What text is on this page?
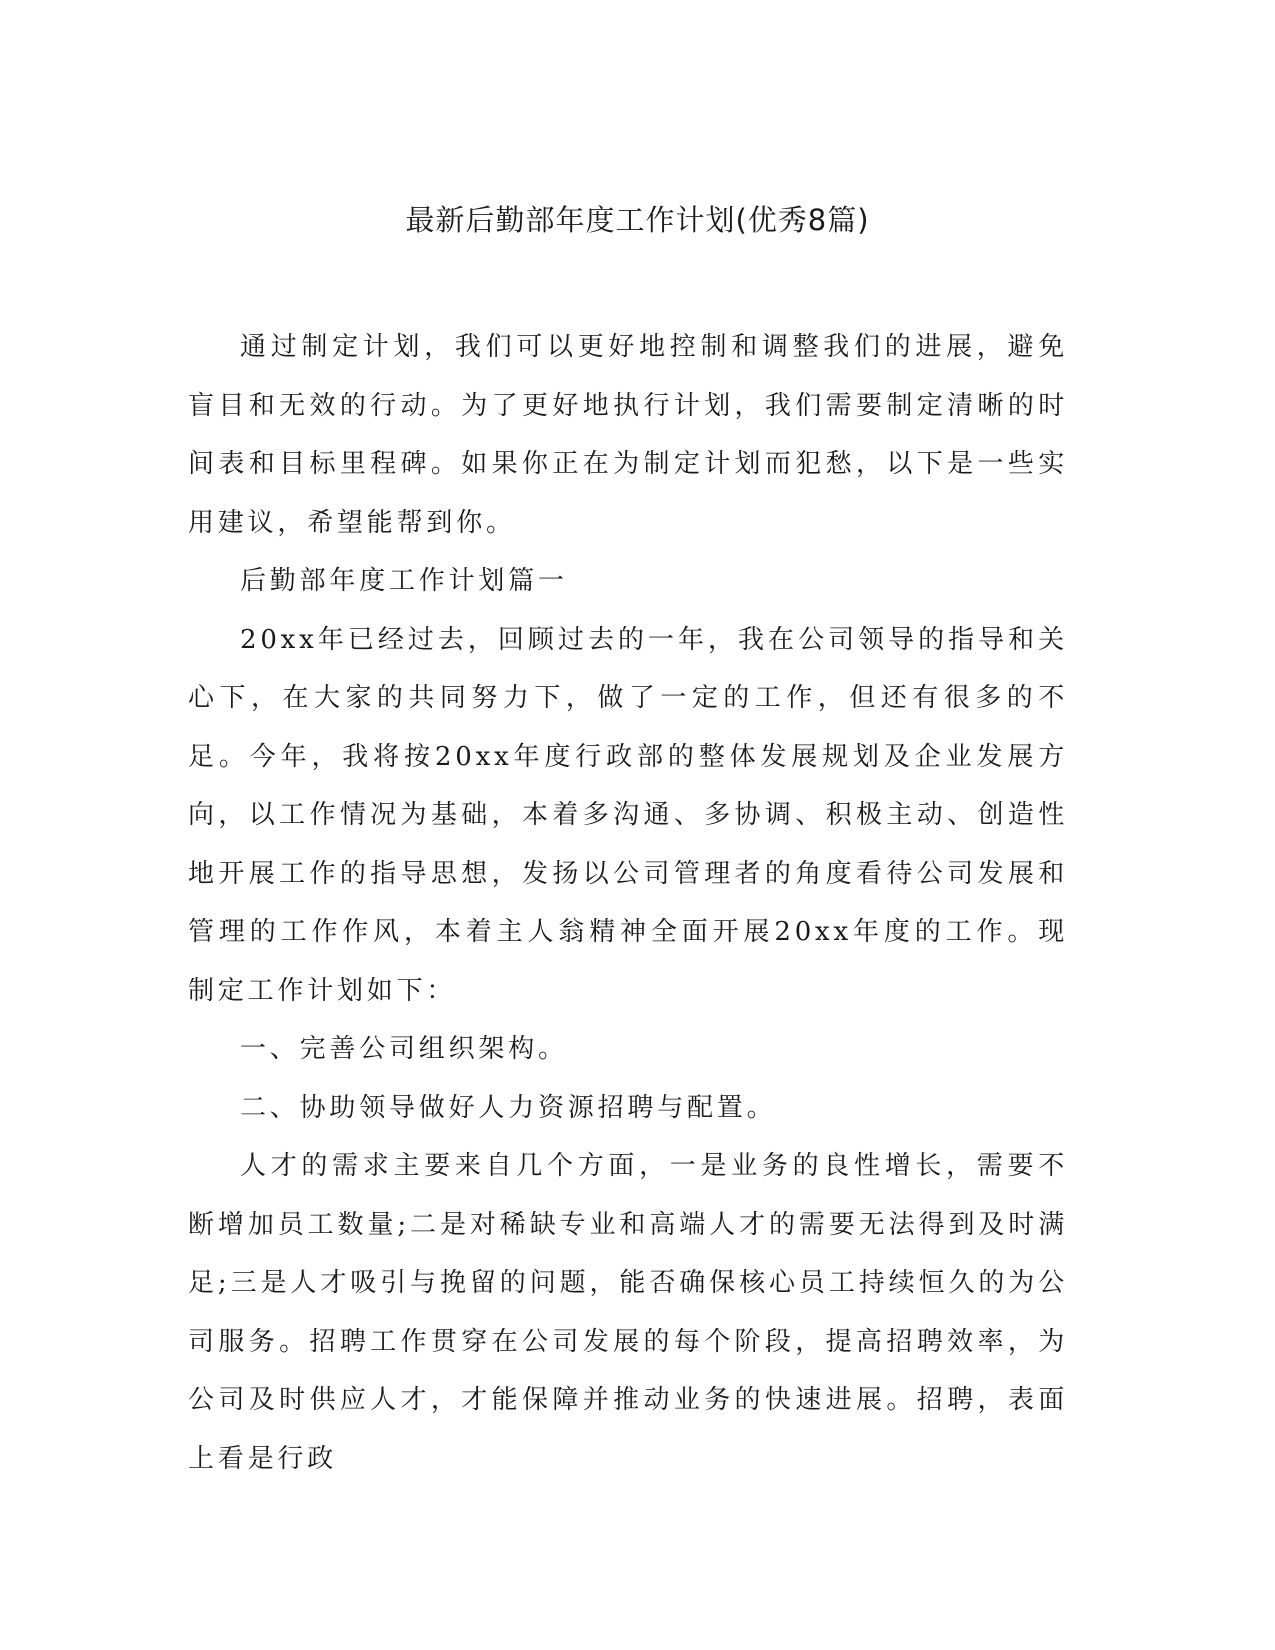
最新后勤部年度工作计划(优秀8篇)

通过制定计划，我们可以更好地控制和调整我们的进展，避免盲目和无效的行动。为了更好地执行计划，我们需要制定清晰的时间表和目标里程碑。如果你正在为制定计划而犯愁，以下是一些实用建议，希望能帮到你。

后勤部年度工作计划篇一

20xx年已经过去，回顾过去的一年，我在公司领导的指导和关心下，在大家的共同努力下，做了一定的工作，但还有很多的不足。今年，我将按20xx年度行政部的整体发展规划及企业发展方向，以工作情况为基础，本着多沟通、多协调、积极主动、创造性地开展工作的指导思想，发扬以公司管理者的角度看待公司发展和管理的工作作风，本着主人翁精神全面开展20xx年度的工作。现制定工作计划如下：

一、完善公司组织架构。

二、协助领导做好人力资源招聘与配置。

人才的需求主要来自几个方面，一是业务的良性增长，需要不断增加员工数量;二是对稀缺专业和高端人才的需要无法得到及时满足;三是人才吸引与挽留的问题，能否确保核心员工持续恒久的为公司服务。招聘工作贯穿在公司发展的每个阶段，提高招聘效率，为公司及时供应人才，才能保障并推动业务的快速进展。招聘，表面上看是行政
